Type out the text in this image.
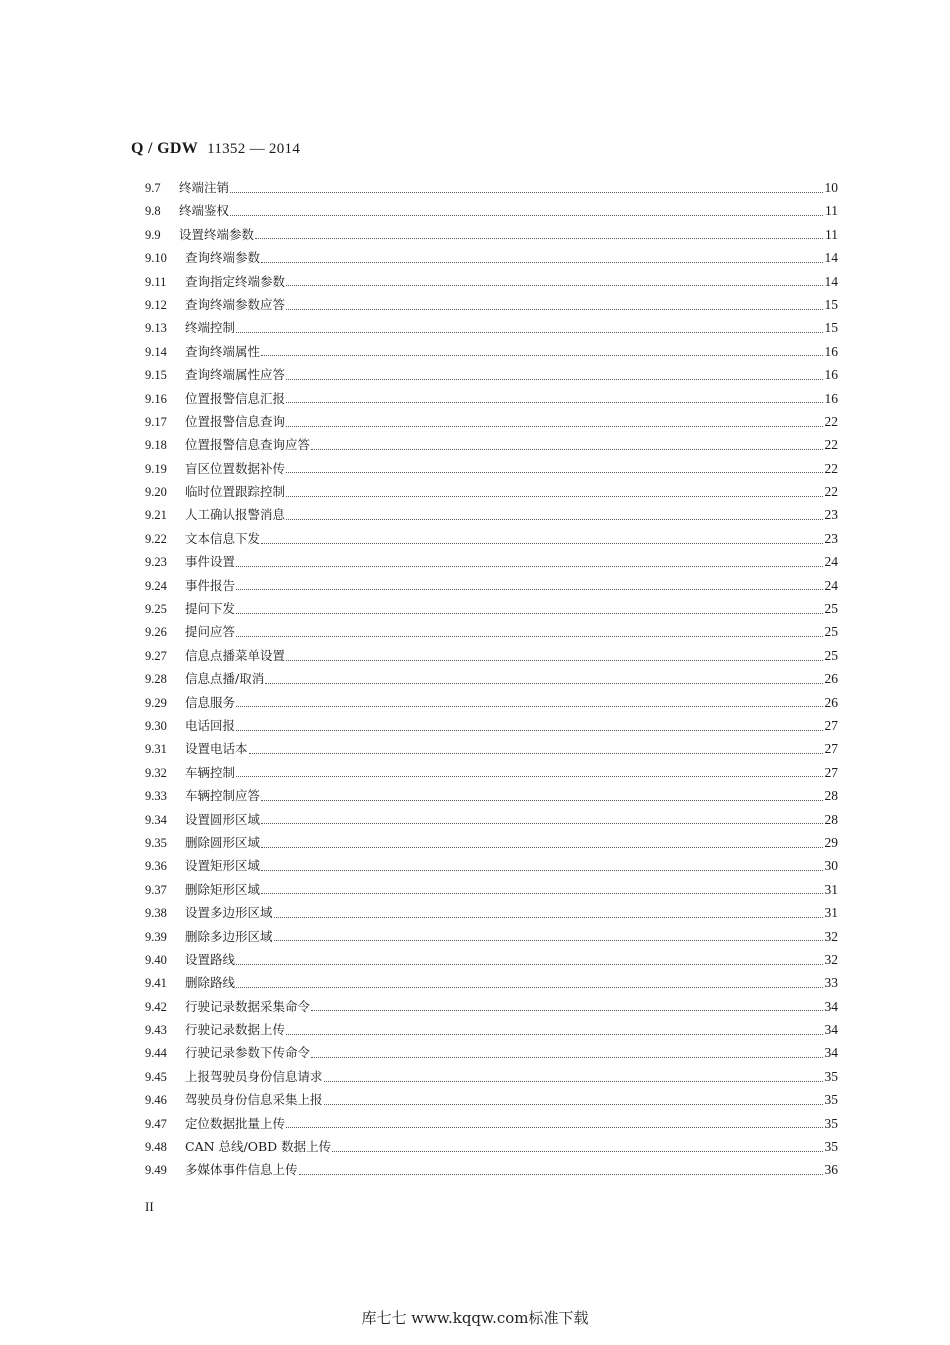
Q / GDW 11352 — 2014
9.7	终端注销	10
9.8	终端鉴权	11
9.9	设置终端参数	11
9.10	查询终端参数	14
9.11	查询指定终端参数	14
9.12	查询终端参数应答	15
9.13	终端控制	15
9.14	查询终端属性	16
9.15	查询终端属性应答	16
9.16	位置报警信息汇报	16
9.17	位置报警信息查询	22
9.18	位置报警信息查询应答	22
9.19	盲区位置数据补传	22
9.20	临时位置跟踪控制	22
9.21	人工确认报警消息	23
9.22	文本信息下发	23
9.23	事件设置	24
9.24	事件报告	24
9.25	提问下发	25
9.26	提问应答	25
9.27	信息点播菜单设置	25
9.28	信息点播/取消	26
9.29	信息服务	26
9.30	电话回报	27
9.31	设置电话本	27
9.32	车辆控制	27
9.33	车辆控制应答	28
9.34	设置圆形区域	28
9.35	删除圆形区域	29
9.36	设置矩形区域	30
9.37	删除矩形区域	31
9.38	设置多边形区域	31
9.39	删除多边形区域	32
9.40	设置路线	32
9.41	删除路线	33
9.42	行驶记录数据采集命令	34
9.43	行驶记录数据上传	34
9.44	行驶记录参数下传命令	34
9.45	上报驾驶员身份信息请求	35
9.46	驾驶员身份信息采集上报	35
9.47	定位数据批量上传	35
9.48	CAN 总线/OBD 数据上传	35
9.49	多媒体事件信息上传	36
II
库七七 www.kqqw.com标准下载
